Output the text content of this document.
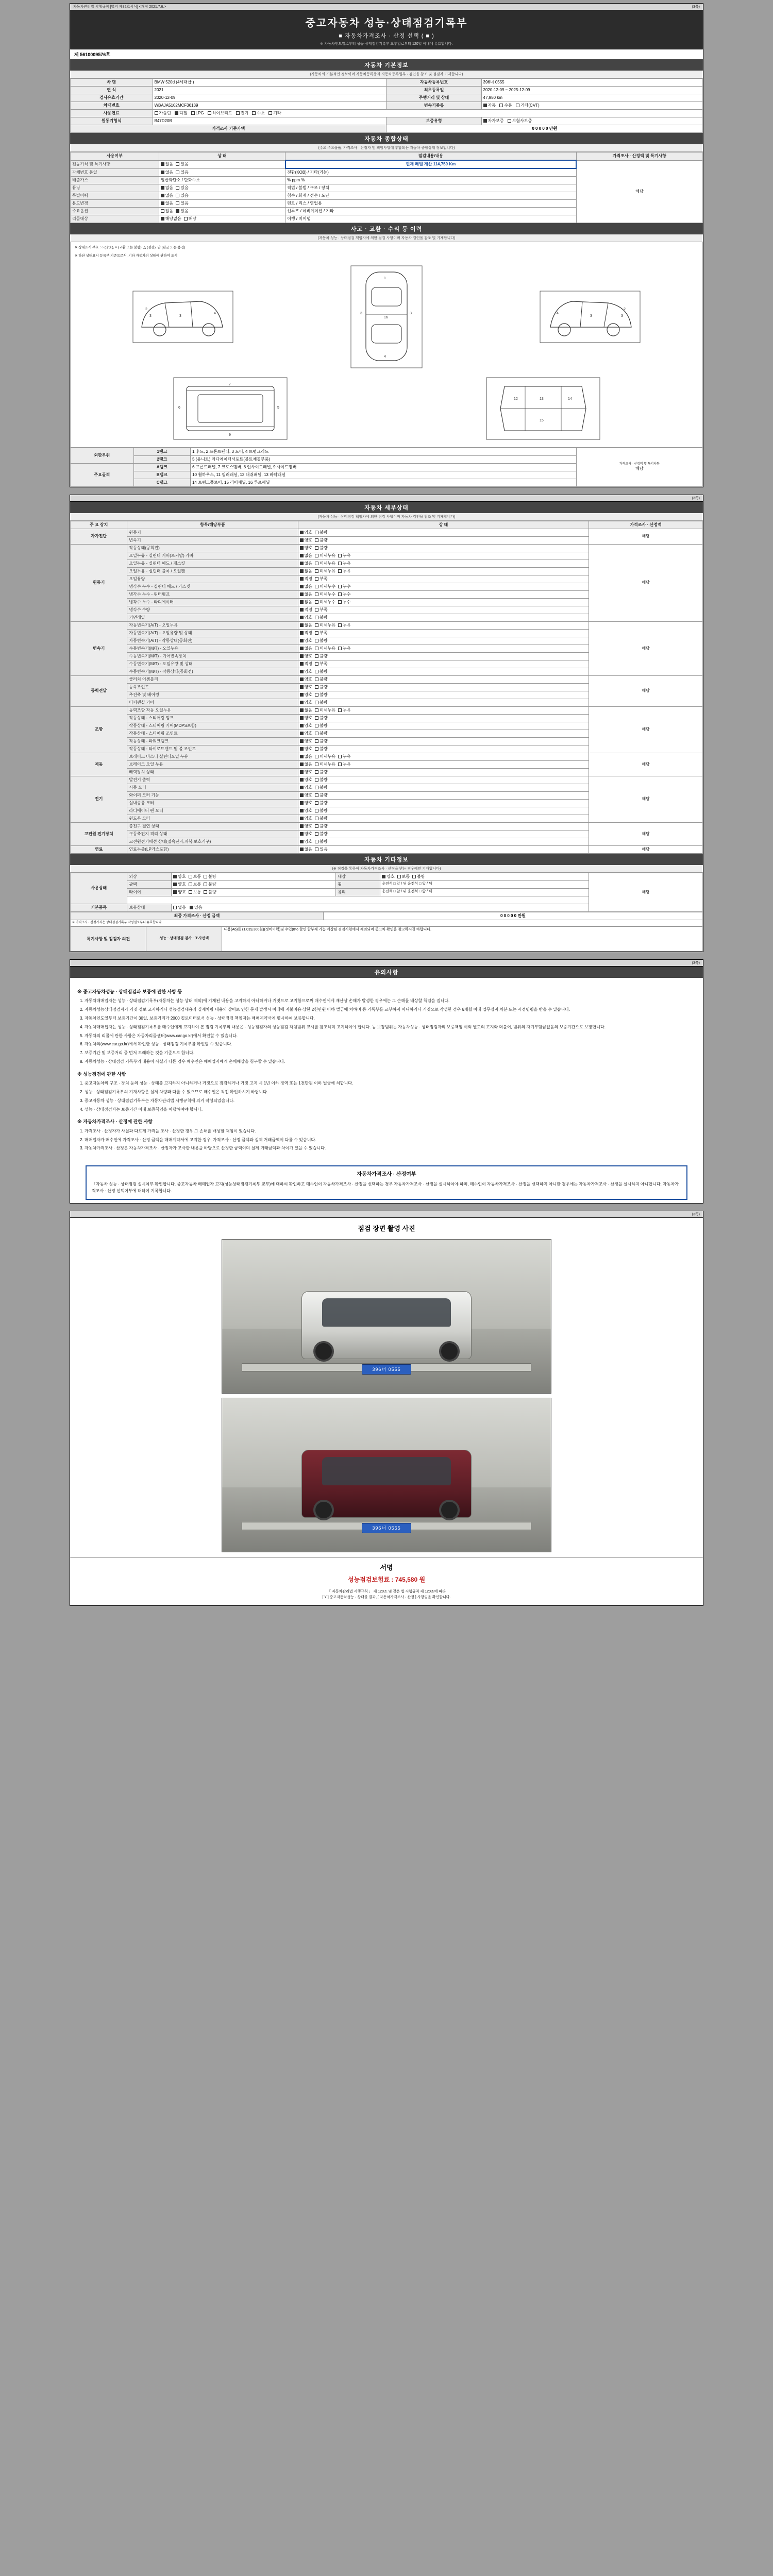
자동차관리법 시행규칙 [별지 제82호서식] <개정 2021.7.6.>	(3쪽)
중고자동차 성능·상태점검기록부
■ 자동차가격조사 · 산정 선택 ( ■ )
※ 자동차인도일로부터 성능·상태점검기록부 교부일로부터 120일 이내에 유효합니다.
제 5610009576호
자동차 기본정보
(자동차의 기본적인 정보이며 자동차등록증과 자동차등록원부 · 검인을 참조 및 점검자 기재합니다)
차 명	BMW 520d (4세대급 )	자동차등록번호	396너 0555
연 식	2021	최초등록일	2020-12-09 ~ 2025-12-09
검사유효기간	2020-12-09	주행거리 및 상태	47,950 km
차대번호	WBAJA5102MCF36139	변속기종류	자동 수동 기타(CVT)
사용연료	가솔린 디젤 LPG 하이브리드 전기 수소 기타		
원동기형식	B47D20B	보증유형	자가보증 보험사보증
가격조사 기준가액		0 0 0 0 0 만원	
자동차 종합상태
(주요 주요물품, 가격조사 · 산정자 및 책임사항에 부합되는 자동차 종합상태 정보입니다)
사용여부	상 태	점검내용/내용	가격조사 · 산정액 및 특기사항
전동기식 및 특기사항	없음 있음	현재 레벨 계산 114,759 Km	해당
자체번호 동일	없음 있음	전환(KOB) / 기타(기능)	
배출가스	일산화탄소 / 탄화수소	% ppm %	
튜닝	없음 있음	적법 / 불법 / 구조 / 장치	
특별이력	없음 있음	침수 / 화재 / 전손 / 도난	
용도변경	없음 있음	렌트 / 리스 / 영업용	
주요옵션	없음 있음	선루프 / 네비게이션 / 기타	
리콜대상	해당없음 해당	이행 / 미이행	
사고 · 교환 · 수리 등 이력
(자동차 성능 · 상태점검 책임자에 의한 점검 사항이며 자동차 검인을 참조 및 기재합니다)
※ 상태표시 부호 : ○ (양호), × (교환 또는 불량), △ (점검), 단 (판금 또는 용접)
※ 하단 상태표시 등록부 기준으로서, 기타 자동차의 상태에 관하여 표시
3	3
4
2
1
16
4
3	3
3
3
4
2
6	5
7
9
12	13	14
15
외판부위	1랭크	1 후드, 2 프론트펜더, 3 도어, 4 트렁크리드	가격조사 · 산정액 및 특기사항
해당

	2랭크	5 (유니트) 라디에이터서포트(볼트체결부품)	
주요골격	A랭크	6 프론트패널, 7 크로스멤버, 8 인사이드패널, 9 사이드멤버	
	B랭크	10 휠하우스, 11 필러패널, 12 대쉬패널, 13 바닥패널	
	C랭크	14 트렁크플로어, 15 리어패널, 16 루프패널	

(3쪽)
자동차 세부상태
(자동차 성능 · 상태점검 책임자에 의한 점검 사항이며 자동차 검인을 참조 및 기재합니다)
주 요 장치	항목/해당부품	상 태	가격조사 · 산정액
자가진단	원동기	양호 불량	해당
	변속기	양호 불량	
원동기	작동상태(공회전)	양호 불량	해당
	오일누유 - 실린더 커버(로커암) 카바	없음 미세누유 누유	
	오일누유 - 실린더 헤드 / 개스킷	없음 미세누유 누유	
	오일누유 - 실린더 블록 / 오일팬	없음 미세누유 누유	
	오일유량	적정 부족	
	냉각수 누수 - 실린더 헤드 / 가스켓	없음 미세누수 누수	
	냉각수 누수 - 워터펌프	없음 미세누수 누수	
	냉각수 누수 - 라디에이터	없음 미세누수 누수	
	냉각수 수량	적정 부족	
	커먼레일	양호 불량	
변속기	자동변속기(A/T) - 오일누유	없음 미세누유 누유	해당
	자동변속기(A/T) - 오일유량 및 상태	적정 부족	
	자동변속기(A/T) - 작동상태(공회전)	양호 불량	
	수동변속기(M/T) - 오일누유	없음 미세누유 누유	
	수동변속기(M/T) - 기어변속장치	양호 불량	
	수동변속기(M/T) - 오일유량 및 상태	적정 부족	
	수동변속기(M/T) - 작동상태(공회전)	양호 불량	
동력전달	클러치 어셈블리	양호 불량	해당
	등속조인트	양호 불량	
	추진축 및 베어링	양호 불량	
	디퍼렌셜 기어	양호 불량	
조향	동력조향 작동 오일누유	없음 미세누유 누유	해당
	작동상태 - 스티어링 펌프	양호 불량	
	작동상태 - 스티어링 기어(MDPS포함)	양호 불량	
	작동상태 - 스티어링 조인트	양호 불량	
	작동상태 - 파워크랭크	양호 불량	
	작동상태 - 타이로드엔드 및 볼 조인트	양호 불량	
제동	브레이크 마스터 실린더오일 누유	없음 미세누유 누유	해당
	브레이크 오일 누유	없음 미세누유 누유	
	배력장치 상태	양호 불량	
전기	발전기 출력	양호 불량	해당
	시동 모터	양호 불량	
	와이퍼 모터 기능	양호 불량	
	실내송풍 모터	양호 불량	
	라디에이터 팬 모터	양호 불량	
	윈도우 모터	양호 불량	
고전원 전기장치	충전구 절연 상태	양호 불량	해당
	구동축전지 격리 상태	양호 불량	
	고전원전기배선 상태(접속단자,피복,보호기구)	양호 불량	
연료	연료누출(LP가스포함)	없음 있음	해당
자동차 기타정보
(※ 점검을 통하여 자동차가격조사 · 산정을 받는 경우에만 기재합니다)
사용상태	외장	양호 보통 불량	내장	양호 보통 불량	해당
	광택	양호 보통 불량	휠	운전석 □ 앞 / 뒤 운전석 □ 앞 / 뒤	
	타이어	양호 보통 불량	유리	운전석 □ 앞 / 뒤 운전석 □ 앞 / 뒤	

기본품목	보유상태	없음 있음			
최종 가격조사 · 산정 금액	0 0 0 0 0 만원
※ 가격조사 · 산정가격은 상태점검기록부 작성일로부터 유효합니다.
특기사항 및 점검자 의견	성능 · 상태점검 검사 · 조사선택	내용(A6)를 (1,019,300원)(정비이력)및 수입(8% 할인 할부제 가능 예상된 검검시렴에서 제외되며 중고차 확인을 참고하시길 바랍니다.

(3쪽)
유의사항
※ 중고자동차성능 · 상태점검과 보증에 관한 사항 등
1. 자동차매매업자는 성능 · 상태점검기록부(자동차는 성능 상태 제외)에 기재된 내용을 고지하지 아니하거나 거짓으로 고지함으로써 매수인에게 재산상 손해가 발생한 경우에는 그 손해를 배상할 책임을 집니다.
2. 자동차성능상태점검자가 거짓 정보 고지하거나 성능점검내용과 실제차량 내용의 상이로 인한 문제 발생시 이래에 지불비용 상한 2천만원 이하 벌금에 처하며 동 기록부를 교부하지 아니하거나 거짓으로 작성한 경우 6개월 이내 업무정지 처분 또는 시정명령을 받을 수 있습니다.
3. 자동차인도일부터 보증기간이 30일, 보증거리가 2000 킬로미터로서 성능 · 상태점검 책임자는 매매계약서에 명시하여 보증합니다.
4. 자동차매매업자는 성능 · 상태점검기록부를 매수인에게 고지하여 본 점검 기록부의 내용은 · 성능점검자의 성능점검 책임범위 교시를 참조하며 고지하여야 합니다. 동 보장범위는 자동차성능 · 상태점검자의 보증책임 이외 별도의 고지와 더불어, 범위의 자기부담금없음의 보증기간으로 보장합니다.
5. 자동차의 리콜에 관한 사항은 자동차리콜센터(www.car.go.kr)에서 확인할 수 있습니다.
6. 자동차의(www.car.go.kr)에서 확인한 성능 · 상태점검 기록부를 확인할 수 있습니다.
7. 보증기간 및 보증거리 중 먼저 도래하는 것을 기준으로 합니다.
8. 자동차성능 · 상태점검 기록부의 내용이 사실과 다른 경우 매수인은 매매업자에게 손해배상을 청구할 수 있습니다.
※ 성능점검에 관한 사항
1. 중고자동차의 구조 · 장치 등의 성능 · 상태를 고지하지 아니하거나 거짓으로 점검하거나 거짓 고지 시 1년 이하 징역 또는 1천만원 이하 벌금에 처합니다.
2. 성능 · 상태점검기록부의 기재사항은 실제 차량과 다를 수 있으므로 매수인은 직접 확인하시기 바랍니다.
3. 중고자동차 성능 · 상태점검기록부는 자동차관리법 시행규칙에 의거 작성되었습니다.
4. 성능 · 상태점검자는 보증기간 이내 보증책임을 이행하여야 합니다.
※ 자동차가격조사 · 산정에 관한 사항
1. 가격조사 · 산정자가 사실과 다르게 가격을 조사 · 산정한 경우 그 손해를 배상할 책임이 있습니다.
2. 매매업자가 매수인에 가격조사 · 산정 금액을 매매계약서에 고지한 경우, 가격조사 · 산정 금액과 실제 거래금액이 다를 수 있습니다.
3. 자동차가격조사 · 산정은 자동차가격조사 · 산정자가 조사한 내용을 바탕으로 산정한 금액이며 실제 거래금액과 차이가 있을 수 있습니다.
자동차가격조사 · 산정여부
「자동차 성능 · 상태점검 실시여부 확인합니다. 중고자동차 매매업자 고지(성능상태점검기록부 교부)에 대하여 확인하고 매수인이 자동차가격조사 · 산정을 선택하는 경우 자동차가격조사 · 산정을 실시하여야 하며, 매수인이 자동차가격조사 · 산정을 선택하지 아니한 경우에는 자동차가격조사 · 산정을 실시하지 아니합니다. 자동차가격조사 · 산정 선택여부에 대하여 기록합니다.

(3쪽)
점검 장면 촬영 사진
396너 0555
396너 0555
서명
성능점검보험료 : 745,580 원
「 자동차관리법 시행규칙 」 제 120조 및 같은 법 시행규칙 제 120조에 따라
[ Y ] 중고자동차성능 · 상태를 결과, [ 자동차가격조사 · 산정 ] 사항임을 확인합니다.
